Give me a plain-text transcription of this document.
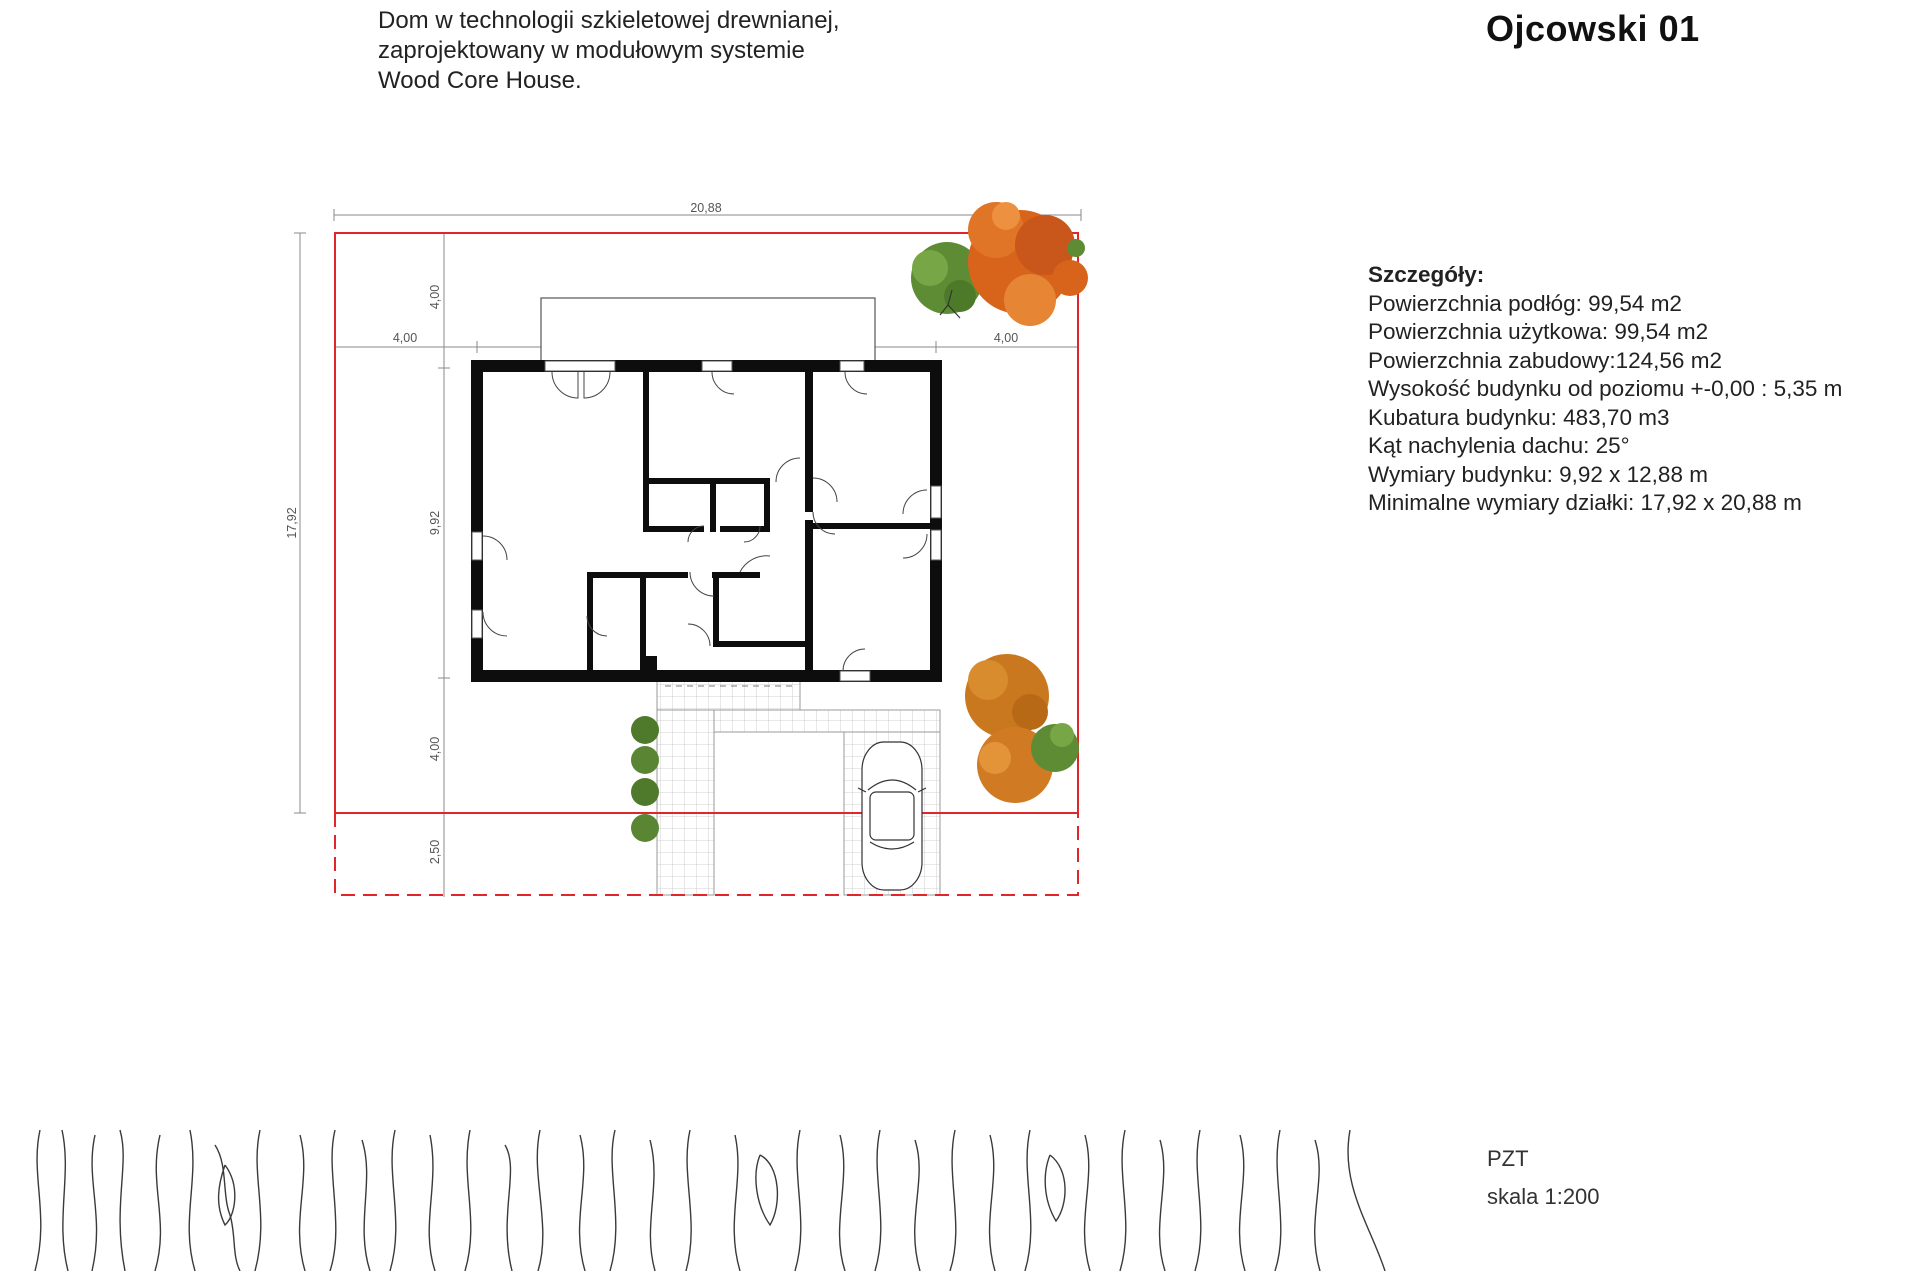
Dom w technologii szkieletowej drewnianej,
zaprojektowany w modułowym systemie
Wood Core House.
Ojcowski 01
Szczegóły:
Powierzchnia podłóg: 99,54 m2
Powierzchnia użytkowa: 99,54 m2
Powierzchnia zabudowy:124,56 m2
Wysokość budynku od poziomu +-0,00 : 5,35 m
Kubatura budynku: 483,70 m3
Kąt nachylenia dachu: 25°
Wymiary budynku: 9,92 x 12,88 m
Minimalne wymiary działki: 17,92 x 20,88 m
PZT
skala 1:200
20,88
17,92
4,00
4,00	4,00
9,92
4,00
2,50
